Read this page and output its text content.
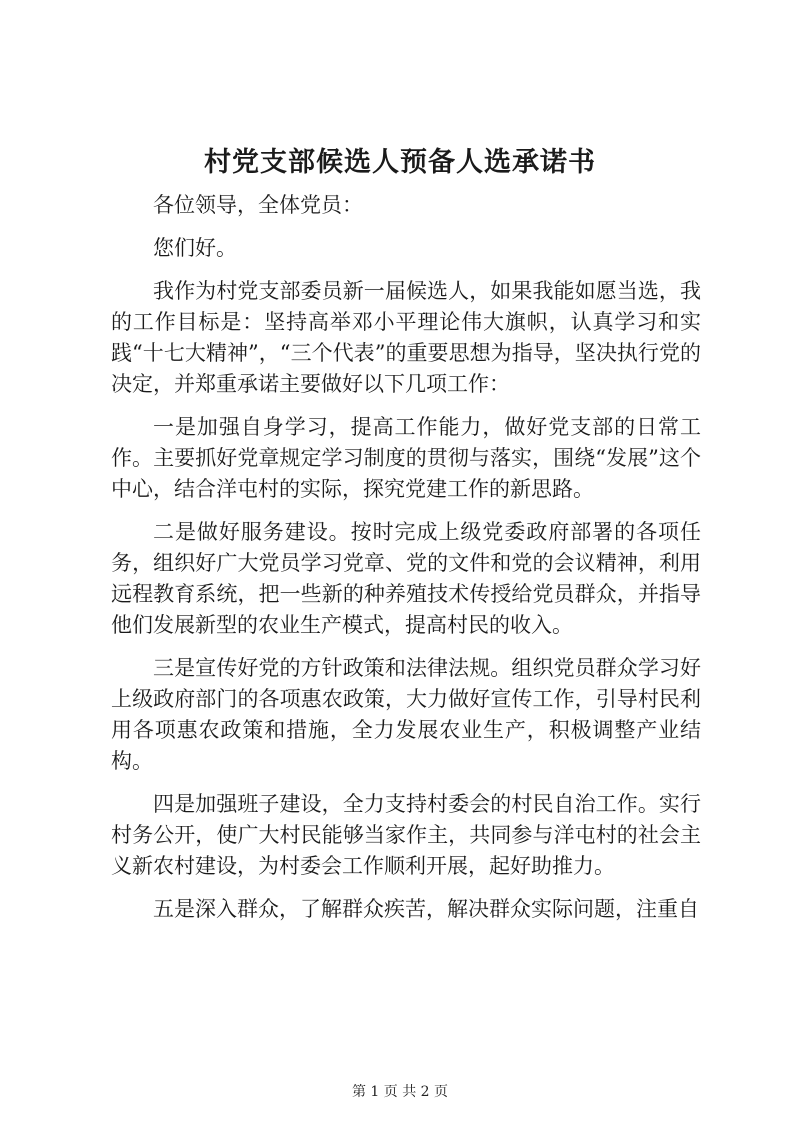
村党支部候选人预备人选承诺书

各位领导，全体党员：

您们好。

我作为村党支部委员新一届候选人，如果我能如愿当选，我的工作目标是：坚持高举邓小平理论伟大旗帜，认真学习和实践“十七大精神”，“三个代表”的重要思想为指导，坚决执行党的决定，并郑重承诺主要做好以下几项工作：

一是加强自身学习，提高工作能力，做好党支部的日常工作。主要抓好党章规定学习制度的贯彻与落实，围绕“发展”这个中心，结合洋屯村的实际，探究党建工作的新思路。

二是做好服务建设。按时完成上级党委政府部署的各项任务，组织好广大党员学习党章、党的文件和党的会议精神，利用远程教育系统，把一些新的种养殖技术传授给党员群众，并指导他们发展新型的农业生产模式，提高村民的收入。

三是宣传好党的方针政策和法律法规。组织党员群众学习好上级政府部门的各项惠农政策，大力做好宣传工作，引导村民利用各项惠农政策和措施，全力发展农业生产，积极调整产业结构。

四是加强班子建设，全力支持村委会的村民自治工作。实行村务公开，使广大村民能够当家作主，共同参与洋屯村的社会主义新农村建设，为村委会工作顺利开展，起好助推力。

五是深入群众，了解群众疾苦，解决群众实际问题，注重自

第 1 页 共 2 页
